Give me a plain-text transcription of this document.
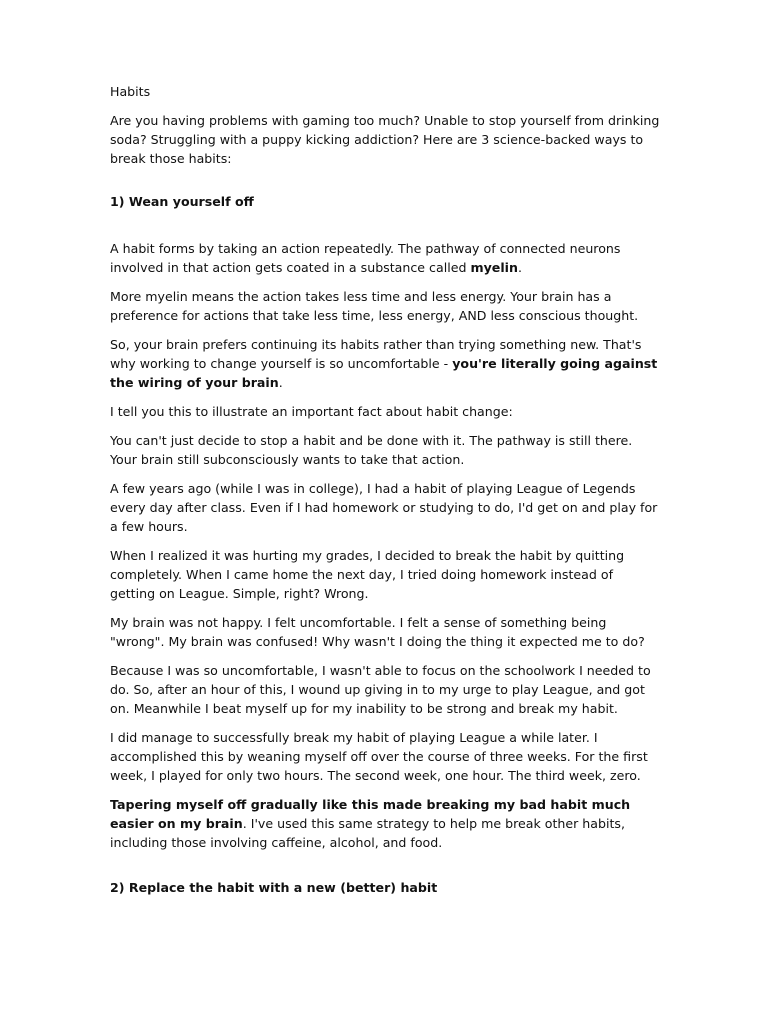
Habits

Are you having problems with gaming too much? Unable to stop yourself from drinking soda? Struggling with a puppy kicking addiction? Here are 3 science-backed ways to break those habits:

1) Wean yourself off

A habit forms by taking an action repeatedly. The pathway of connected neurons involved in that action gets coated in a substance called myelin.

More myelin means the action takes less time and less energy. Your brain has a preference for actions that take less time, less energy, AND less conscious thought.

So, your brain prefers continuing its habits rather than trying something new. That's why working to change yourself is so uncomfortable - you're literally going against the wiring of your brain.

I tell you this to illustrate an important fact about habit change:

You can't just decide to stop a habit and be done with it. The pathway is still there. Your brain still subconsciously wants to take that action.

A few years ago (while I was in college), I had a habit of playing League of Legends every day after class. Even if I had homework or studying to do, I'd get on and play for a few hours.

When I realized it was hurting my grades, I decided to break the habit by quitting completely. When I came home the next day, I tried doing homework instead of getting on League. Simple, right? Wrong.

My brain was not happy. I felt uncomfortable. I felt a sense of something being "wrong". My brain was confused! Why wasn't I doing the thing it expected me to do?

Because I was so uncomfortable, I wasn't able to focus on the schoolwork I needed to do. So, after an hour of this, I wound up giving in to my urge to play League, and got on. Meanwhile I beat myself up for my inability to be strong and break my habit.

I did manage to successfully break my habit of playing League a while later. I accomplished this by weaning myself off over the course of three weeks. For the first week, I played for only two hours. The second week, one hour. The third week, zero.

Tapering myself off gradually like this made breaking my bad habit much easier on my brain. I've used this same strategy to help me break other habits, including those involving caffeine, alcohol, and food.

2) Replace the habit with a new (better) habit
